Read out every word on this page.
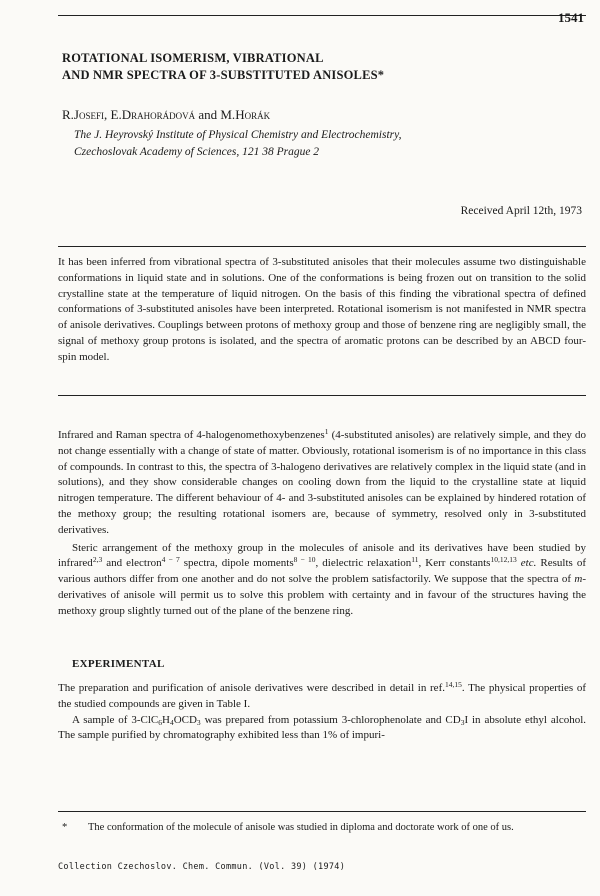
1541
ROTATIONAL ISOMERISM, VIBRATIONAL
AND NMR SPECTRA OF 3-SUBSTITUTED ANISOLES*
R.Josefi, E.Drahorádová and M.Horák
The J. Heyrovský Institute of Physical Chemistry and Electrochemistry,
Czechoslovak Academy of Sciences, 121 38 Prague 2
Received April 12th, 1973
It has been inferred from vibrational spectra of 3-substituted anisoles that their molecules assume two distinguishable conformations in liquid state and in solutions. One of the conformations is being frozen out on transition to the solid crystalline state at the temperature of liquid nitrogen. On the basis of this finding the vibrational spectra of defined conformations of 3-substituted anisoles have been interpreted. Rotational isomerism is not manifested in NMR spectra of anisole derivatives. Couplings between protons of methoxy group and those of benzene ring are negligibly small, the signal of methoxy group protons is isolated, and the spectra of aromatic protons can be described by an ABCD four-spin model.

Infrared and Raman spectra of 4-halogenomethoxybenzenes$^1$ (4-substituted anisoles) are relatively simple, and they do not change essentially with a change of state of matter. Obviously, rotational isomerism is of no importance in this class of compounds. In contrast to this, the spectra of 3-halogeno derivatives are relatively complex in the liquid state (and in solutions), and they show considerable changes on cooling down from the liquid to the crystalline state at liquid nitrogen temperature. The different behaviour of 4- and 3-substituted anisoles can be explained by hindered rotation of the methoxy group; the resulting rotational isomers are, because of symmetry, resolved only in 3-substituted derivatives.

Steric arrangement of the methoxy group in the molecules of anisole and its derivatives have been studied by infrared$^{2,3}$ and electron$^{4 - 7}$ spectra, dipole moments$^{8 - 10}$, dielectric relaxation$^{11}$, Kerr constants$^{10,12,13}$ etc. Results of various authors differ from one another and do not solve the problem satisfactorily. We suppose that the spectra of m-derivatives of anisole will permit us to solve this problem with certainty and in favour of the structures having the methoxy group slightly turned out of the plane of the benzene ring.

EXPERIMENTAL

The preparation and purification of anisole derivatives were described in detail in ref.$^{14,15}$. The physical properties of the studied compounds are given in Table I.

A sample of $3-ClC_6H_4OCD_3$ was prepared from potassium 3-chlorophenolate and $CD_3I$ in absolute ethyl alcohol. The sample purified by chromatography exhibited less than 1% of impuri-

* The conformation of the molecule of anisole was studied in diploma and doctorate work of one of us.
Collection Czechoslov. Chem. Commun. (Vol. 39) (1974)
